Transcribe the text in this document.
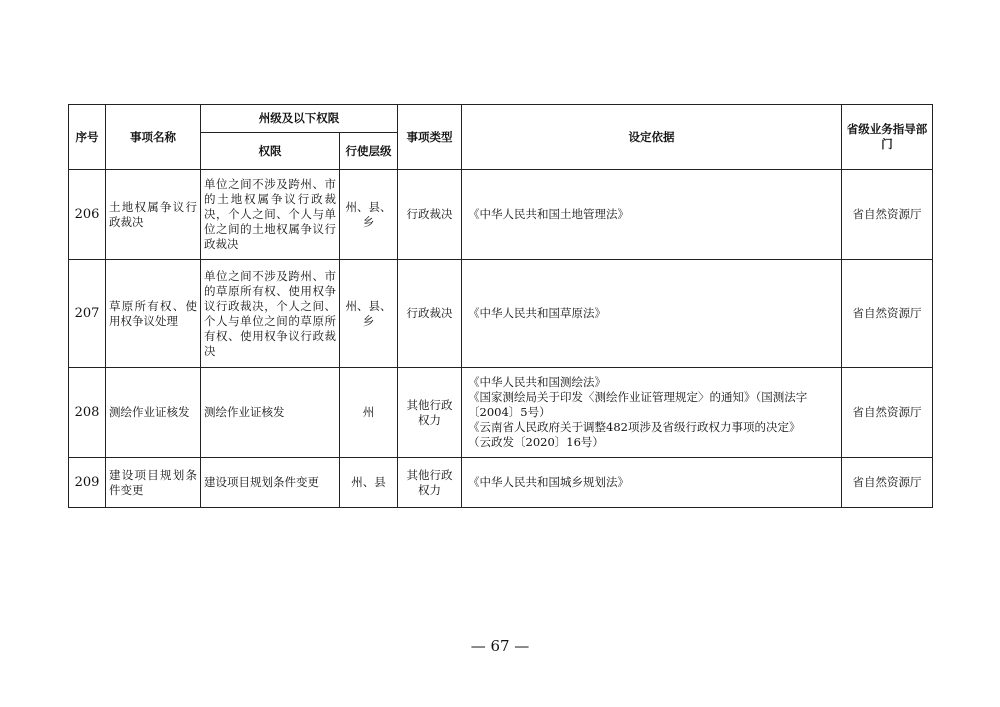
序号	事项名称	州级及以下权限		事项类型	设定依据	省级业务指导部门
		权限	行使层级			
206	土地权属争议行政裁决	单位之间不涉及跨州、市的土地权属争议行政裁决，个人之间、个人与单位之间的土地权属争议行政裁决	州、县、乡	行政裁决	《中华人民共和国土地管理法》	省自然资源厅
207	草原所有权、使用权争议处理	单位之间不涉及跨州、市的草原所有权、使用权争议行政裁决，个人之间、个人与单位之间的草原所有权、使用权争议行政裁决	州、县、乡	行政裁决	《中华人民共和国草原法》	省自然资源厅
208	测绘作业证核发	测绘作业证核发	州	其他行政权力	《中华人民共和国测绘法》
《国家测绘局关于印发〈测绘作业证管理规定〉的通知》（国测法字
〔2004〕5号）
《云南省人民政府关于调整482项涉及省级行政权力事项的决定》
（云政发〔2020〕16号）	省自然资源厅
209	建设项目规划条件变更	建设项目规划条件变更	州、县	其他行政权力	《中华人民共和国城乡规划法》	省自然资源厅
— 67 —
